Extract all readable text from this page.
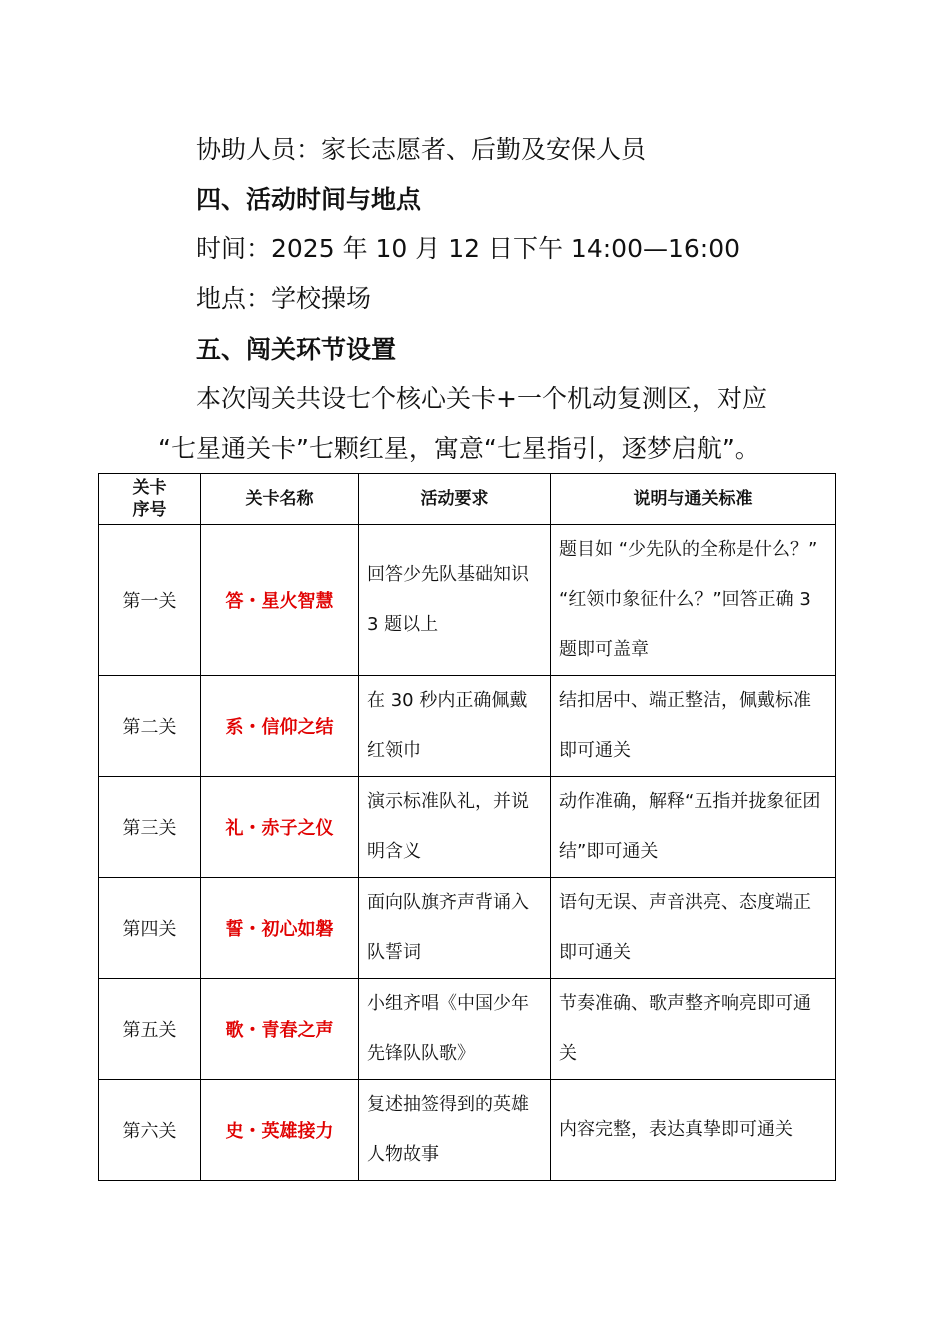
协助人员：家长志愿者、后勤及安保人员
四、活动时间与地点
时间：2025 年 10 月 12 日下午 14:00—16:00
地点：学校操场
五、闯关环节设置
本次闯关共设七个核心关卡+一个机动复测区，对应
“七星通关卡”七颗红星，寓意“七星指引，逐梦启航”。
关卡
序号	关卡名称	活动要求	说明与通关标准
第一关	答・星火智慧	回答少先队基础知识 3 题以上	题目如 “少先队的全称是什么？” “红领巾象征什么？”回答正确 3 题即可盖章
第二关	系・信仰之结	在 30 秒内正确佩戴红领巾	结扣居中、端正整洁，佩戴标准即可通关
第三关	礼・赤子之仪	演示标准队礼，并说明含义	动作准确，解释“五指并拢象征团结”即可通关
第四关	誓・初心如磐	面向队旗齐声背诵入队誓词	语句无误、声音洪亮、态度端正即可通关
第五关	歌・青春之声	小组齐唱《中国少年先锋队队歌》	节奏准确、歌声整齐响亮即可通关
第六关	史・英雄接力	复述抽签得到的英雄人物故事	内容完整，表达真挚即可通关
